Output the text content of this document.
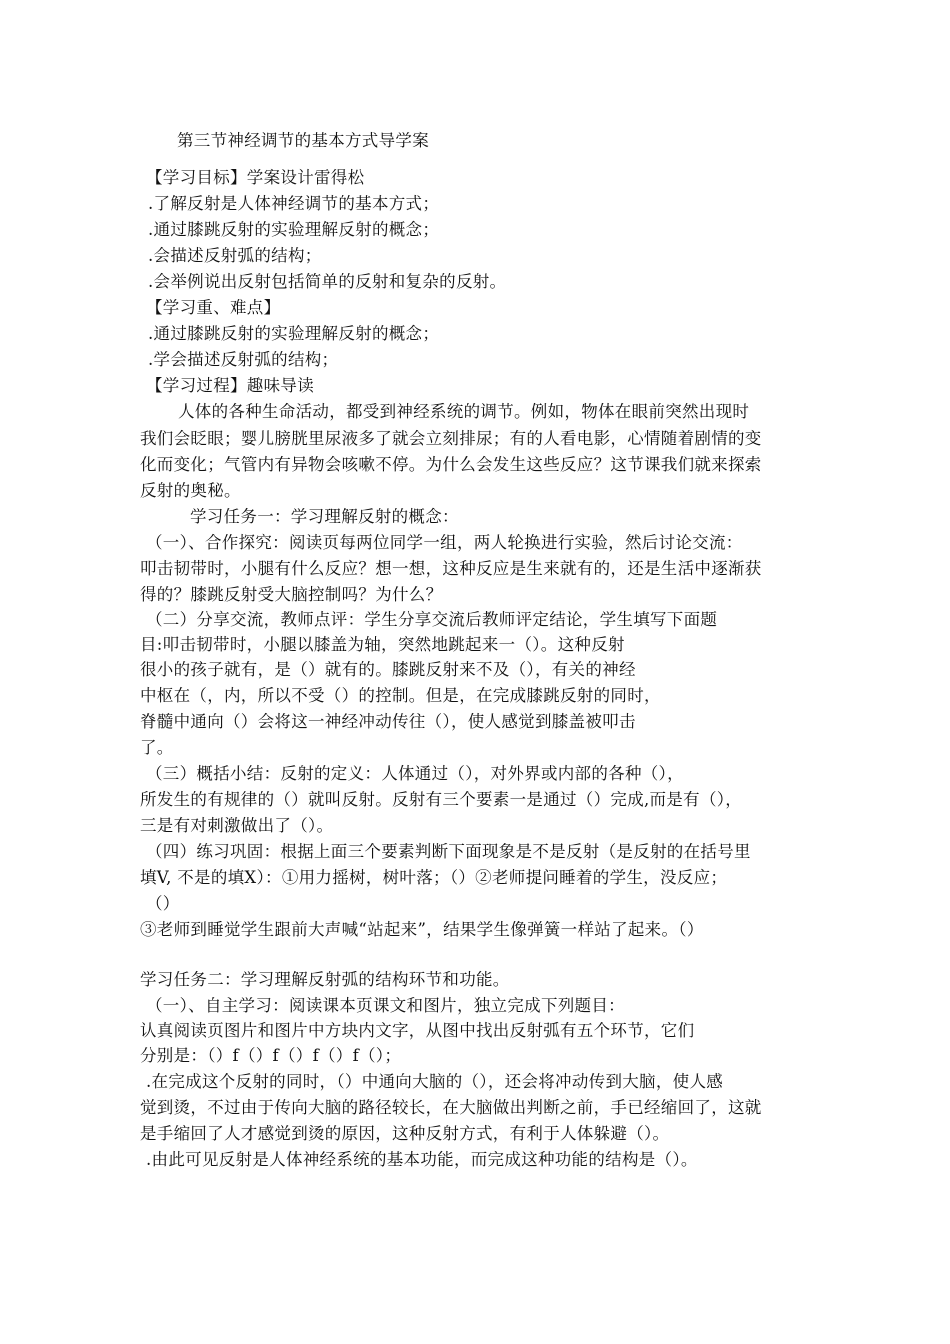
第三节神经调节的基本方式导学案
【学习目标】学案设计雷得松
.了解反射是人体神经调节的基本方式；
.通过膝跳反射的实验理解反射的概念；
.会描述反射弧的结构；
.会举例说出反射包括简单的反射和复杂的反射。
【学习重、难点】
.通过膝跳反射的实验理解反射的概念；
.学会描述反射弧的结构；
【学习过程】趣味导读
人体的各种生命活动，都受到神经系统的调节。例如，物体在眼前突然出现时
我们会眨眼；婴儿膀胱里尿液多了就会立刻排尿；有的人看电影，心情随着剧情的变
化而变化；气管内有异物会咳嗽不停。为什么会发生这些反应？这节课我们就来探索
反射的奥秘。
学习任务一：学习理解反射的概念：
（一）、合作探究：阅读页每两位同学一组，两人轮换进行实验，然后讨论交流：
叩击韧带时，小腿有什么反应？想一想，这种反应是生来就有的，还是生活中逐渐获
得的？膝跳反射受大脑控制吗？为什么？
（二）分享交流，教师点评：学生分享交流后教师评定结论，学生填写下面题
目:叩击韧带时，小腿以膝盖为轴，突然地跳起来一（）。这种反射
很小的孩子就有，是（）就有的。膝跳反射来不及（），有关的神经
中枢在（，内，所以不受（）的控制。但是，在完成膝跳反射的同时，
脊髓中通向（）会将这一神经冲动传往（），使人感觉到膝盖被叩击
了。
（三）概括小结：反射的定义：人体通过（），对外界或内部的各种（），
所发生的有规律的（）就叫反射。反射有三个要素一是通过（）完成,而是有（），
三是有对刺激做出了（）。
（四）练习巩固：根据上面三个要素判断下面现象是不是反射（是反射的在括号里
填V, 不是的填X）：①用力摇树，树叶落；（）②老师提问睡着的学生，没反应；
（）
③老师到睡觉学生跟前大声喊“站起来”，结果学生像弹簧一样站了起来。（）
学习任务二：学习理解反射弧的结构环节和功能。
（一）、自主学习：阅读课本页课文和图片，独立完成下列题目：
认真阅读页图片和图片中方块内文字，从图中找出反射弧有五个环节，它们
分别是：（）f（）f（）f（）f（）；
.在完成这个反射的同时，（）中通向大脑的（），还会将冲动传到大脑，使人感
觉到烫，不过由于传向大脑的路径较长，在大脑做出判断之前，手已经缩回了，这就
是手缩回了人才感觉到烫的原因，这种反射方式，有利于人体躲避（）。
.由此可见反射是人体神经系统的基本功能，而完成这种功能的结构是（）。
